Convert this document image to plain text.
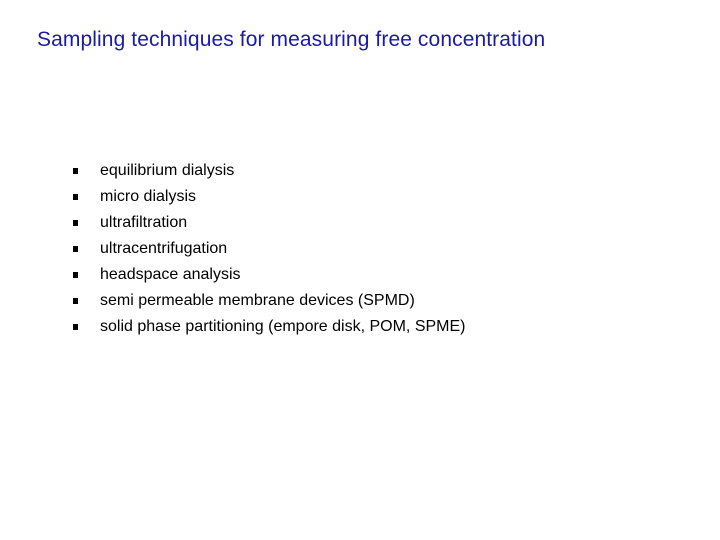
Sampling techniques for measuring free concentration
equilibrium dialysis
micro dialysis
ultrafiltration
ultracentrifugation
headspace analysis
semi permeable membrane devices (SPMD)
solid phase partitioning (empore disk, POM, SPME)
